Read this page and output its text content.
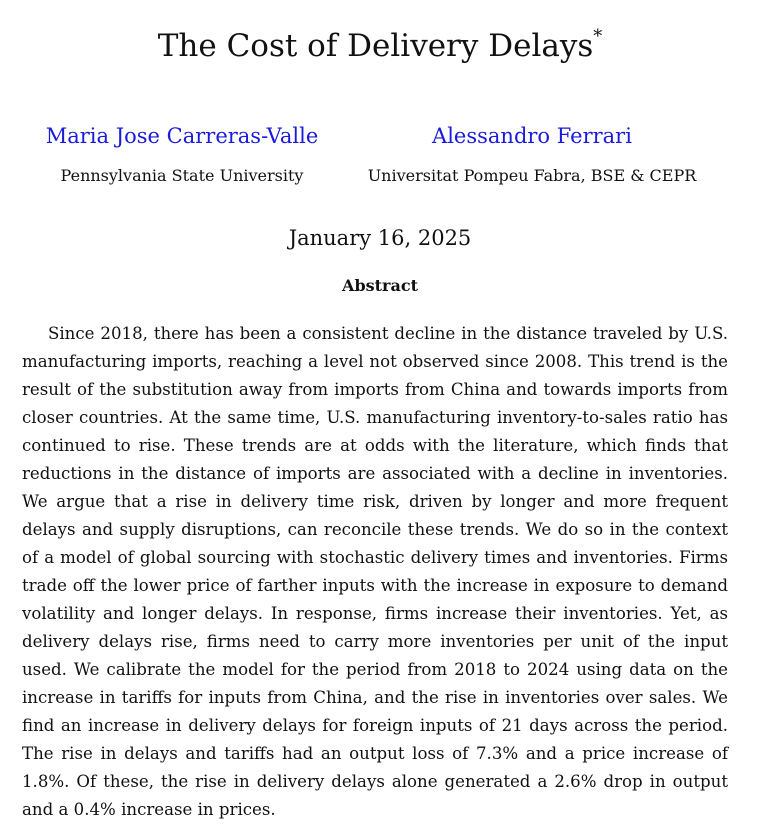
The Cost of Delivery Delays*
Maria Jose Carreras-Valle
Pennsylvania State University
Alessandro Ferrari
Universitat Pompeu Fabra, BSE & CEPR
January 16, 2025
Abstract

Since 2018, there has been a consistent decline in the distance traveled by U.S. manufacturing imports, reaching a level not observed since 2008. This trend is the result of the substitution away from imports from China and towards imports from closer countries. At the same time, U.S. manufacturing inventory-to-sales ratio has continued to rise. These trends are at odds with the literature, which finds that reductions in the distance of imports are associated with a decline in inventories. We argue that a rise in delivery time risk, driven by longer and more frequent delays and supply disruptions, can reconcile these trends. We do so in the context of a model of global sourcing with stochastic delivery times and inventories. Firms trade off the lower price of farther inputs with the increase in exposure to demand volatility and longer delays. In response, firms increase their inventories. Yet, as delivery delays rise, firms need to carry more inventories per unit of the input used. We calibrate the model for the period from 2018 to 2024 using data on the increase in tariffs for inputs from China, and the rise in inventories over sales. We find an increase in delivery delays for foreign inputs of 21 days across the period. The rise in delays and tariffs had an output loss of 7.3% and a price increase of 1.8%. Of these, the rise in delivery delays alone generated a 2.6% drop in output and a 0.4% increase in prices.
